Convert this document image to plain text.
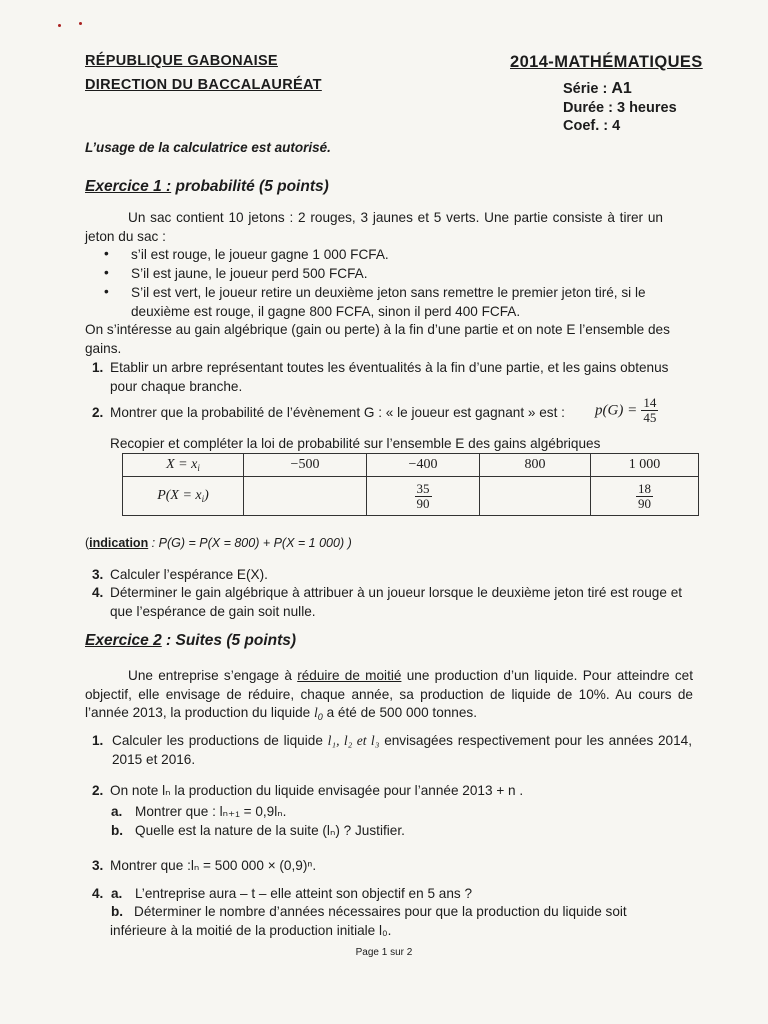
RÉPUBLIQUE GABONAISE
DIRECTION DU BACCALAURÉAT
2014-MATHÉMATIQUES
Série : A1
Durée : 3 heures
Coef. : 4
L’usage de la calculatrice est autorisé.
Exercice 1 : probabilité (5 points)
Un sac contient 10 jetons : 2 rouges, 3 jaunes et 5 verts. Une partie consiste à tirer un jeton du sac :
• s’il est rouge, le joueur gagne 1 000 FCFA.
• S’il est jaune, le joueur perd 500 FCFA.
• S’il est vert, le joueur retire un deuxième jeton sans remettre le premier jeton tiré, si le deuxième est rouge, il gagne 800 FCFA, sinon il perd 400 FCFA.
On s’intéresse au gain algébrique (gain ou perte) à la fin d’une partie et on note E l’ensemble des gains.
1. Etablir un arbre représentant toutes les éventualités à la fin d’une partie, et les gains obtenus pour chaque branche.
2. Montrer que la probabilité de l’évènement G : « le joueur est gagnant » est : $p(G) = \frac{14}{45}$
Recopier et compléter la loi de probabilité sur l’ensemble E des gains algébriques
$X = x_i$	−500	−400	800	1 000
$P(X = x_i)$		$\frac{35}{90}$		$\frac{18}{90}$
(indication : P(G) = P(X = 800) + P(X = 1 000) )
3. Calculer l’espérance E(X).
4. Déterminer le gain algébrique à attribuer à un joueur lorsque le deuxième jeton tiré est rouge et que l’espérance de gain soit nulle.
Exercice 2 : Suites (5 points)
Une entreprise s’engage à réduire de moitié une production d’un liquide. Pour atteindre cet objectif, elle envisage de réduire, chaque année, sa production de liquide de 10%. Au cours de l’année 2013, la production du liquide $l_0$ a été de 500 000 tonnes.
1. Calculer les productions de liquide l₁, l₂ et l₃ envisagées respectivement pour les années 2014, 2015 et 2016.
2. On note lₙ la production du liquide envisagée pour l’année 2013 + n .
a. Montrer que : lₙ₊₁ = 0,9lₙ.
b. Quelle est la nature de la suite (lₙ) ? Justifier.
3. Montrer que :lₙ = 500 000 × (0,9)ⁿ.
4. a. L’entreprise aura – t – elle atteint son objectif en 5 ans ?
b. Déterminer le nombre d’années nécessaires pour que la production du liquide soit inférieure à la moitié de la production initiale l₀.
Page 1 sur 2
